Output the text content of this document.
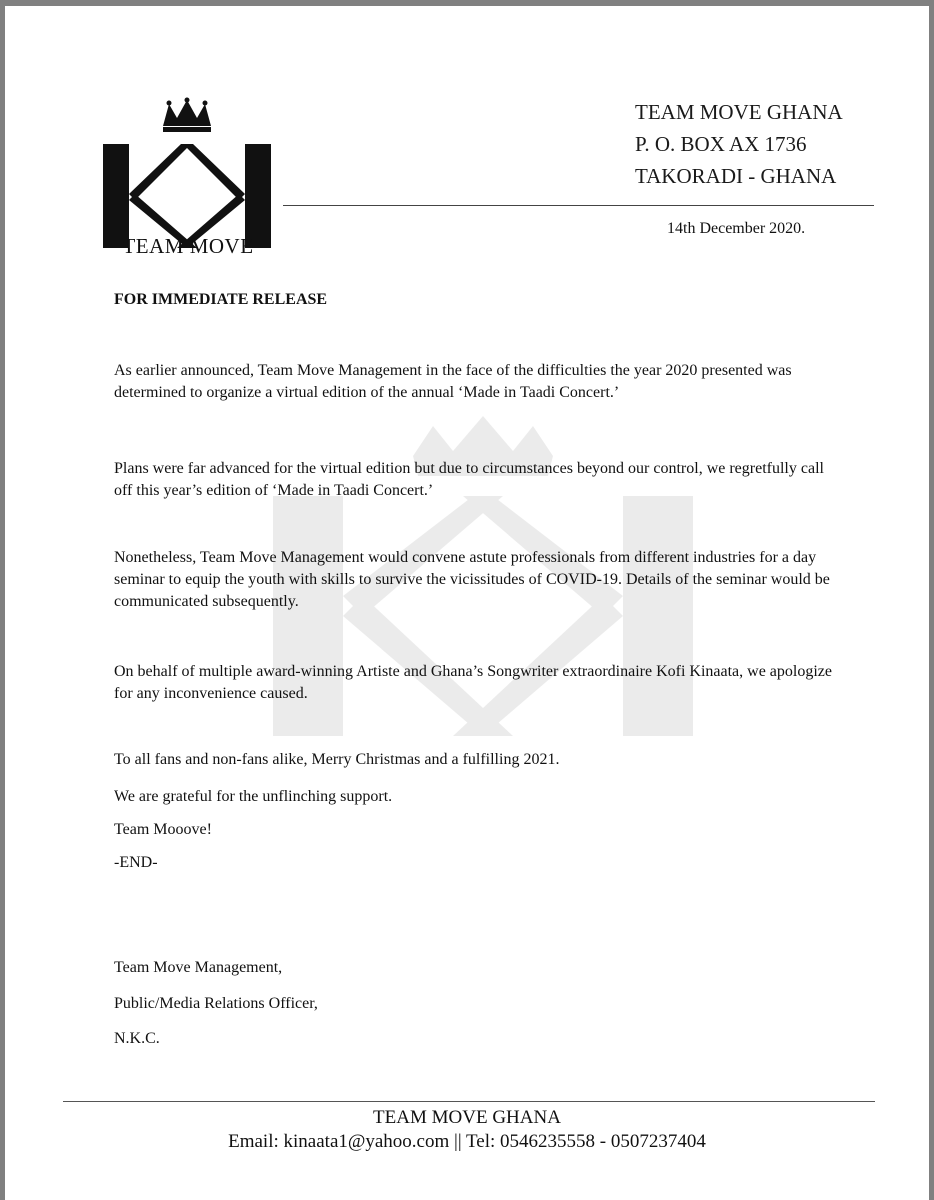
TEAM MOVE
TEAM MOVE GHANA
P. O. BOX AX 1736
TAKORADI - GHANA
14th December 2020.
FOR IMMEDIATE RELEASE
As earlier announced, Team Move Management in the face of the difficulties the year 2020 presented was determined to organize a virtual edition of the annual ‘Made in Taadi Concert.’
Plans were far advanced for the virtual edition but due to circumstances beyond our control, we regretfully call off this year’s edition of ‘Made in Taadi Concert.’
Nonetheless, Team Move Management would convene astute professionals from different industries for a day seminar to equip the youth with skills to survive the vicissitudes of COVID-19. Details of the seminar would be communicated subsequently.
On behalf of multiple award-winning Artiste and Ghana’s Songwriter extraordinaire Kofi Kinaata, we apologize for any inconvenience caused.
To all fans and non-fans alike, Merry Christmas and a fulfilling 2021.
We are grateful for the unflinching support.
Team Mooove!
-END-
Team Move Management,
Public/Media Relations Officer,
N.K.C.
TEAM MOVE GHANA
Email: kinaata1@yahoo.com || Tel: 0546235558 - 0507237404
